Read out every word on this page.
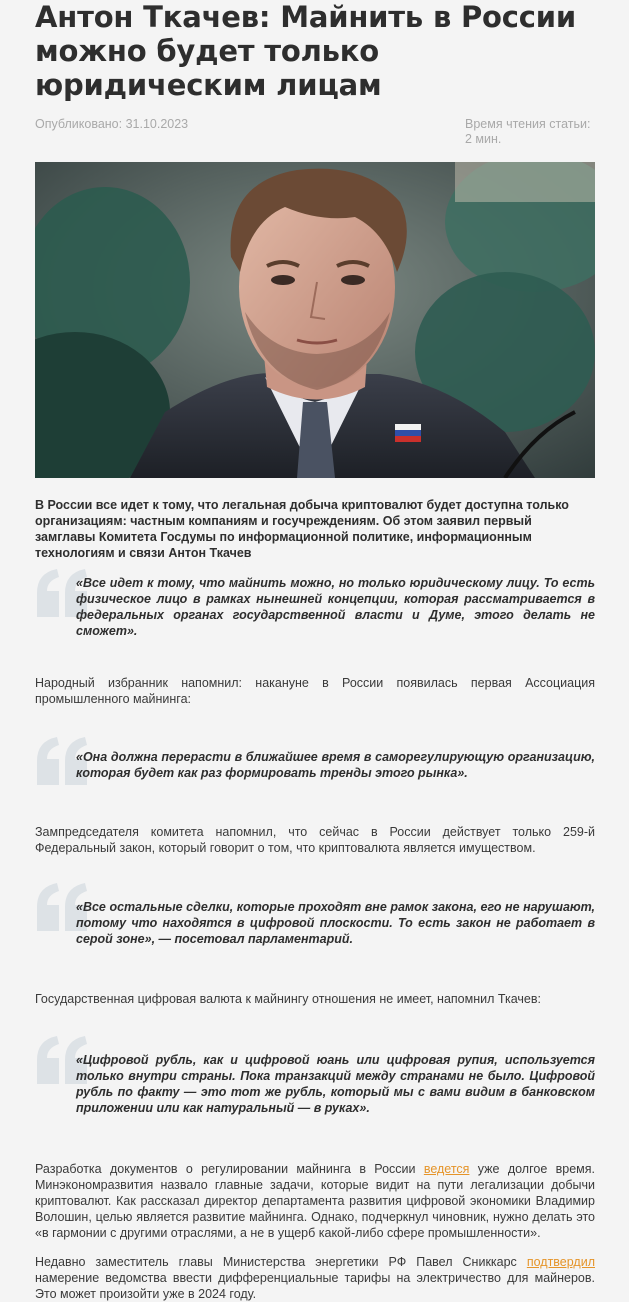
Антон Ткачев: Майнить в России можно будет только юридическим лицам
Опубликовано: 31.10.2023	Время чтения статьи: 2 мин.

В России все идет к тому, что легальная добыча криптовалют будет доступна только организациям: частным компаниям и госучреждениям. Об этом заявил первый замглавы Комитета Госдумы по информационной политике, информационным технологиям и связи Антон Ткачев

«Все идет к тому, что майнить можно, но только юридическому лицу. То есть физическое лицо в рамках нынешней концепции, которая рассматривается в федеральных органах государственной власти и Думе, этого делать не сможет».

Народный избранник напомнил: накануне в России появилась первая Ассоциация промышленного майнинга:

«Она должна перерасти в ближайшее время в саморегулирующую организацию, которая будет как раз формировать тренды этого рынка».

Зампредседателя комитета напомнил, что сейчас в России действует только 259-й Федеральный закон, который говорит о том, что криптовалюта является имуществом.

«Все остальные сделки, которые проходят вне рамок закона, его не нарушают, потому что находятся в цифровой плоскости. То есть закон не работает в серой зоне», — посетовал парламентарий.

Государственная цифровая валюта к майнингу отношения не имеет, напомнил Ткачев:

«Цифровой рубль, как и цифровой юань или цифровая рупия, используется только внутри страны. Пока транзакций между странами не было. Цифровой рубль по факту — это тот же рубль, который мы с вами видим в банковском приложении или как натуральный — в руках».

Разработка документов о регулировании майнинга в России ведется уже долгое время. Минэкономразвития назвало главные задачи, которые видит на пути легализации добычи криптовалют. Как рассказал директор департамента развития цифровой экономики Владимир Волошин, целью является развитие майнинга. Однако, подчеркнул чиновник, нужно делать это «в гармонии с другими отраслями, а не в ущерб какой-либо сфере промышленности».

Недавно заместитель главы Министерства энергетики РФ Павел Сниккарс подтвердил намерение ведомства ввести дифференциальные тарифы на электричество для майнеров. Это может произойти уже в 2024 году.
